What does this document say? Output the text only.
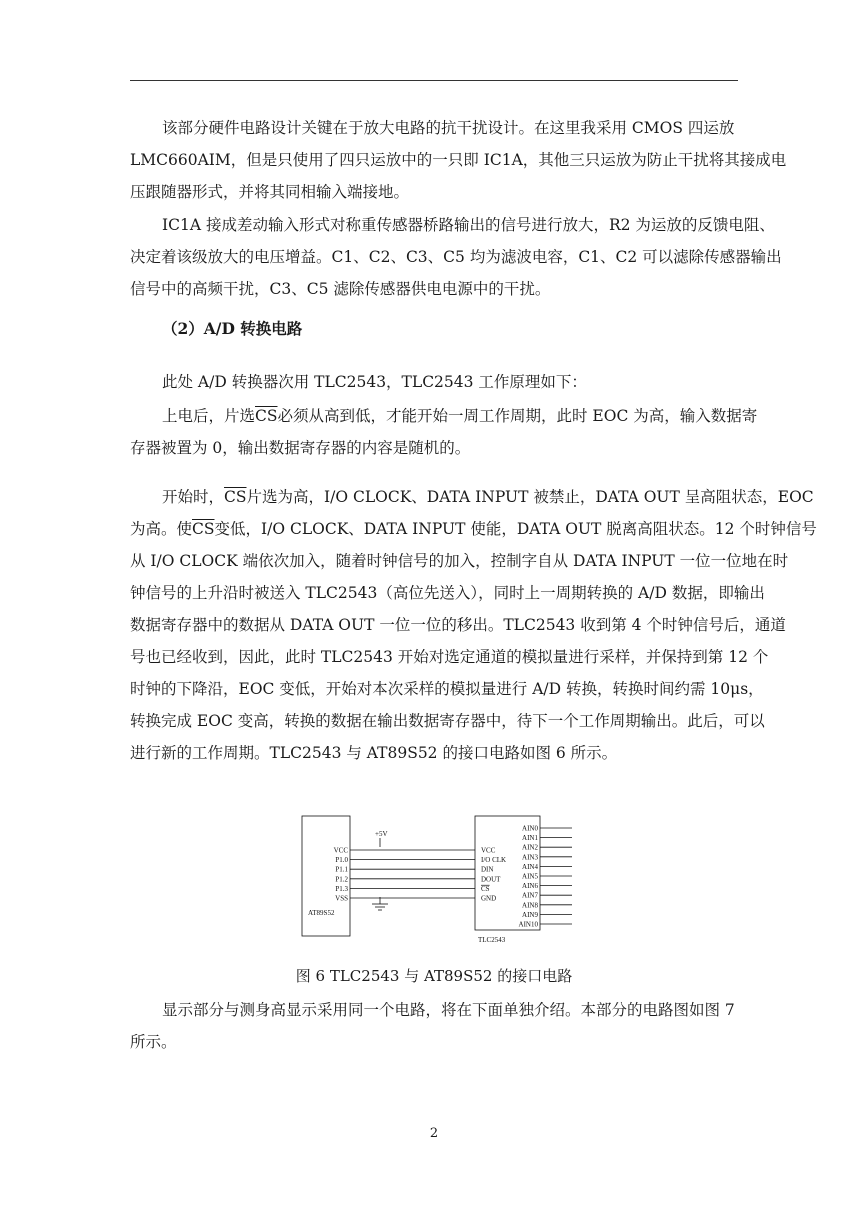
该部分硬件电路设计关键在于放大电路的抗干扰设计。在这里我采用 CMOS 四运放
LMC660AIM，但是只使用了四只运放中的一只即 IC1A，其他三只运放为防止干扰将其接成电
压跟随器形式，并将其同相输入端接地。
IC1A 接成差动输入形式对称重传感器桥路输出的信号进行放大，R2 为运放的反馈电阻、
决定着该级放大的电压增益。C1、C2、C3、C5 均为滤波电容，C1、C2 可以滤除传感器输出
信号中的高频干扰，C3、C5 滤除传感器供电电源中的干扰。
（2）A/D 转换电路
此处 A/D 转换器次用 TLC2543，TLC2543 工作原理如下：
上电后，片选$\overline{CS}$必须从高到低，才能开始一周工作周期，此时 EOC 为高，输入数据寄
存器被置为 0，输出数据寄存器的内容是随机的。
开始时，$\overline{CS}$片选为高，I/O CLOCK、DATA INPUT 被禁止，DATA OUT 呈高阻状态，EOC
为高。使$\overline{CS}$变低，I/O CLOCK、DATA INPUT 使能，DATA OUT 脱离高阻状态。12 个时钟信号
从 I/O CLOCK 端依次加入，随着时钟信号的加入，控制字自从 DATA INPUT 一位一位地在时
钟信号的上升沿时被送入 TLC2543（高位先送入），同时上一周期转换的 A/D 数据，即输出
数据寄存器中的数据从 DATA OUT 一位一位的移出。TLC2543 收到第 4 个时钟信号后，通道
号也已经收到，因此，此时 TLC2543 开始对选定通道的模拟量进行采样，并保持到第 12 个
时钟的下降沿，EOC 变低，开始对本次采样的模拟量进行 A/D 转换，转换时间约需 10μs，
转换完成 EOC 变高，转换的数据在输出数据寄存器中，待下一个工作周期输出。此后，可以
进行新的工作周期。TLC2543 与 AT89S52 的接口电路如图 6 所示。
+5V
VCC
P1.0
P1.1
P1.2
P1.3
VSS
VCC
I/O CLK
DIN
DOUT
CS
GND
AIN0
AIN1
AIN2
AIN3
AIN4
AIN5
AIN6
AIN7
AIN8
AIN9
AIN10
AT89S52
TLC2543
图 6 TLC2543 与 AT89S52 的接口电路
显示部分与测身高显示采用同一个电路，将在下面单独介绍。本部分的电路图如图 7
所示。
2
